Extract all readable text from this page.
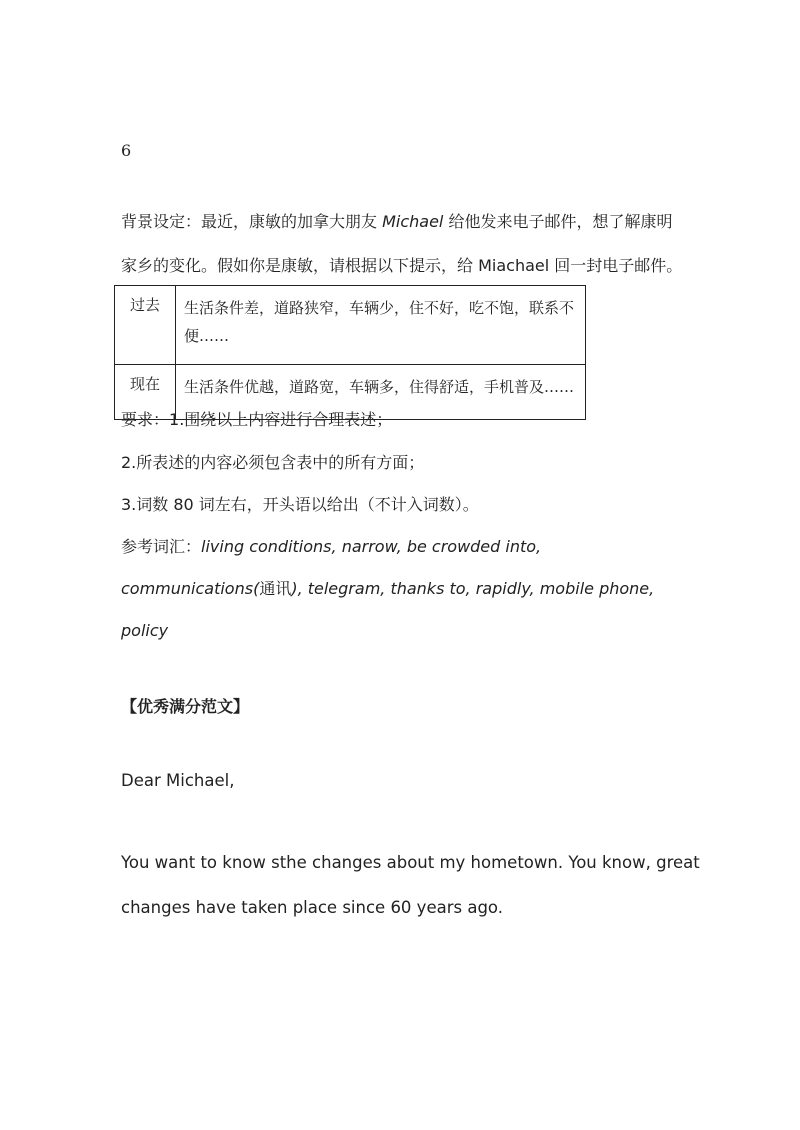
6
背景设定：最近，康敏的加拿大朋友 Michael 给他发来电子邮件，想了解康明
家乡的变化。假如你是康敏，请根据以下提示，给 Miachael 回一封电子邮件。
过去	生活条件差，道路狭窄，车辆少，住不好，吃不饱，联系不便……
现在	生活条件优越，道路宽，车辆多，住得舒适，手机普及……
要求：1.围绕以上内容进行合理表述；
2.所表述的内容必须包含表中的所有方面；
3.词数 80 词左右，开头语以给出（不计入词数）。
参考词汇：living conditions, narrow, be crowded into,
communications(通讯), telegram, thanks to, rapidly, mobile phone,
policy
【优秀满分范文】
Dear Michael,
You want to know sthe changes about my hometown. You know, great
changes have taken place since 60 years ago.
